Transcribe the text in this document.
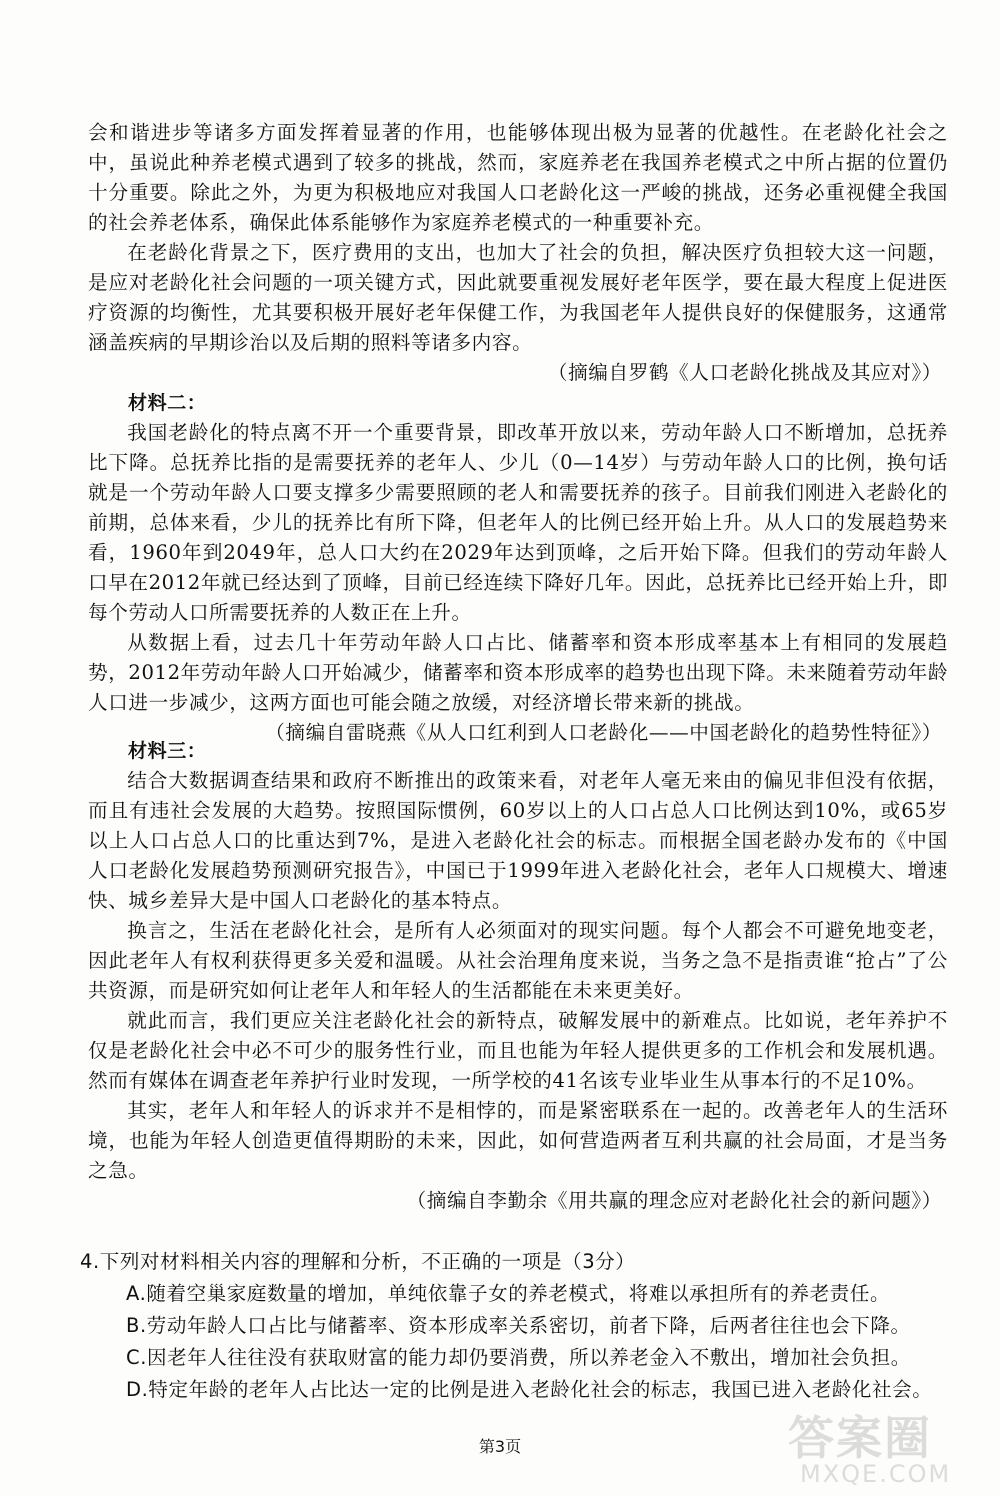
会和谐进步等诸多方面发挥着显著的作用，也能够体现出极为显著的优越性。在老龄化社会之中，虽说此种养老模式遇到了较多的挑战，然而，家庭养老在我国养老模式之中所占据的位置仍十分重要。除此之外，为更为积极地应对我国人口老龄化这一严峻的挑战，还务必重视健全我国的社会养老体系，确保此体系能够作为家庭养老模式的一种重要补充。

在老龄化背景之下，医疗费用的支出，也加大了社会的负担，解决医疗负担较大这一问题，是应对老龄化社会问题的一项关键方式，因此就要重视发展好老年医学，要在最大程度上促进医疗资源的均衡性，尤其要积极开展好老年保健工作，为我国老年人提供良好的保健服务，这通常涵盖疾病的早期诊治以及后期的照料等诸多内容。

（摘编自罗鹤《人口老龄化挑战及其应对》）

材料二：

我国老龄化的特点离不开一个重要背景，即改革开放以来，劳动年龄人口不断增加，总抚养比下降。总抚养比指的是需要抚养的老年人、少儿（0—14岁）与劳动年龄人口的比例，换句话就是一个劳动年龄人口要支撑多少需要照顾的老人和需要抚养的孩子。目前我们刚进入老龄化的前期，总体来看，少儿的抚养比有所下降，但老年人的比例已经开始上升。从人口的发展趋势来看，1960年到2049年，总人口大约在2029年达到顶峰，之后开始下降。但我们的劳动年龄人口早在2012年就已经达到了顶峰，目前已经连续下降好几年。因此，总抚养比已经开始上升，即每个劳动人口所需要抚养的人数正在上升。

从数据上看，过去几十年劳动年龄人口占比、储蓄率和资本形成率基本上有相同的发展趋势，2012年劳动年龄人口开始减少，储蓄率和资本形成率的趋势也出现下降。未来随着劳动年龄人口进一步减少，这两方面也可能会随之放缓，对经济增长带来新的挑战。

（摘编自雷晓燕《从人口红利到人口老龄化——中国老龄化的趋势性特征》）

材料三：

结合大数据调查结果和政府不断推出的政策来看，对老年人毫无来由的偏见非但没有依据，而且有违社会发展的大趋势。按照国际惯例，60岁以上的人口占总人口比例达到10%，或65岁以上人口占总人口的比重达到7%，是进入老龄化社会的标志。而根据全国老龄办发布的《中国人口老龄化发展趋势预测研究报告》，中国已于1999年进入老龄化社会，老年人口规模大、增速快、城乡差异大是中国人口老龄化的基本特点。

换言之，生活在老龄化社会，是所有人必须面对的现实问题。每个人都会不可避免地变老，因此老年人有权利获得更多关爱和温暖。从社会治理角度来说，当务之急不是指责谁“抢占”了公共资源，而是研究如何让老年人和年轻人的生活都能在未来更美好。

就此而言，我们更应关注老龄化社会的新特点，破解发展中的新难点。比如说，老年养护不仅是老龄化社会中必不可少的服务性行业，而且也能为年轻人提供更多的工作机会和发展机遇。然而有媒体在调查老年养护行业时发现，一所学校的41名该专业毕业生从事本行的不足10%。

其实，老年人和年轻人的诉求并不是相悖的，而是紧密联系在一起的。改善老年人的生活环境，也能为年轻人创造更值得期盼的未来，因此，如何营造两者互利共赢的社会局面，才是当务之急。

（摘编自李勤余《用共赢的理念应对老龄化社会的新问题》）

4.下列对材料相关内容的理解和分析，不正确的一项是（3分）

A.随着空巢家庭数量的增加，单纯依靠子女的养老模式，将难以承担所有的养老责任。

B.劳动年龄人口占比与储蓄率、资本形成率关系密切，前者下降，后两者往往也会下降。

C.因老年人往往没有获取财富的能力却仍要消费，所以养老金入不敷出，增加社会负担。

D.特定年龄的老年人占比达一定的比例是进入老龄化社会的标志，我国已进入老龄化社会。

第3页	答案圈
MXQE.COM
